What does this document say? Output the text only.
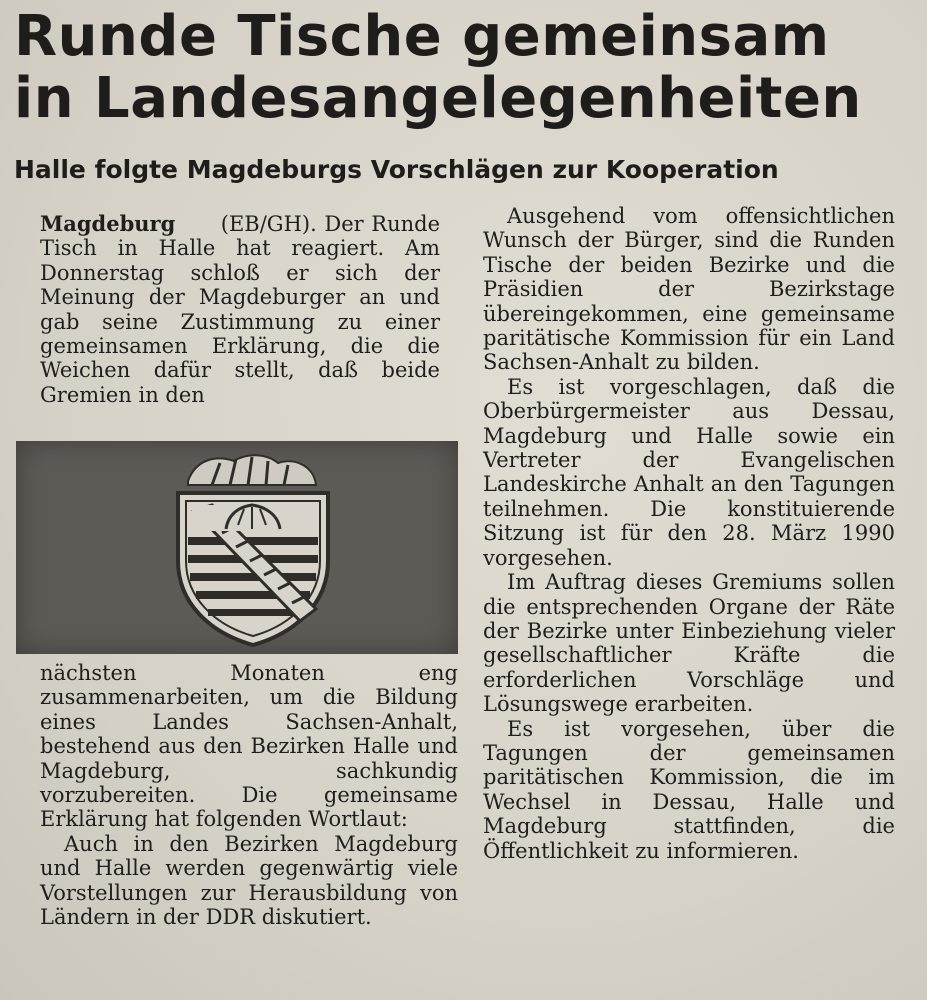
Runde Tische gemeinsam
in Landesangelegenheiten
Halle folgte Magdeburgs Vorschlägen zur Kooperation

Magdeburg (EB/GH). Der Runde Tisch in Halle hat reagiert. Am Donnerstag schloß er sich der Meinung der Magdeburger an und gab seine Zustimmung zu einer gemeinsamen Erklärung, die die Weichen dafür stellt, daß beide Gremien in den

nächsten Monaten eng zusammenarbeiten, um die Bildung eines Landes Sachsen-Anhalt, bestehend aus den Bezirken Halle und Magdeburg, sachkundig vorzubereiten. Die gemeinsame Erklärung hat folgenden Wortlaut:

Auch in den Bezirken Magdeburg und Halle werden gegenwärtig viele Vorstellungen zur Herausbildung von Ländern in der DDR diskutiert.

Ausgehend vom offensichtlichen Wunsch der Bürger, sind die Runden Tische der beiden Bezirke und die Präsidien der Bezirkstage übereingekommen, eine gemeinsame paritätische Kommission für ein Land Sachsen-Anhalt zu bilden.

Es ist vorgeschlagen, daß die Oberbürgermeister aus Dessau, Magdeburg und Halle sowie ein Vertreter der Evangelischen Landeskirche Anhalt an den Tagungen teilnehmen. Die konstituierende Sitzung ist für den 28. März 1990 vorgesehen.

Im Auftrag dieses Gremiums sollen die entsprechenden Organe der Räte der Bezirke unter Einbeziehung vieler gesellschaftlicher Kräfte die erforderlichen Vorschläge und Lösungswege erarbeiten.

Es ist vorgesehen, über die Tagungen der gemeinsamen paritätischen Kommission, die im Wechsel in Dessau, Halle und Magdeburg stattfinden, die Öffentlichkeit zu informieren.
